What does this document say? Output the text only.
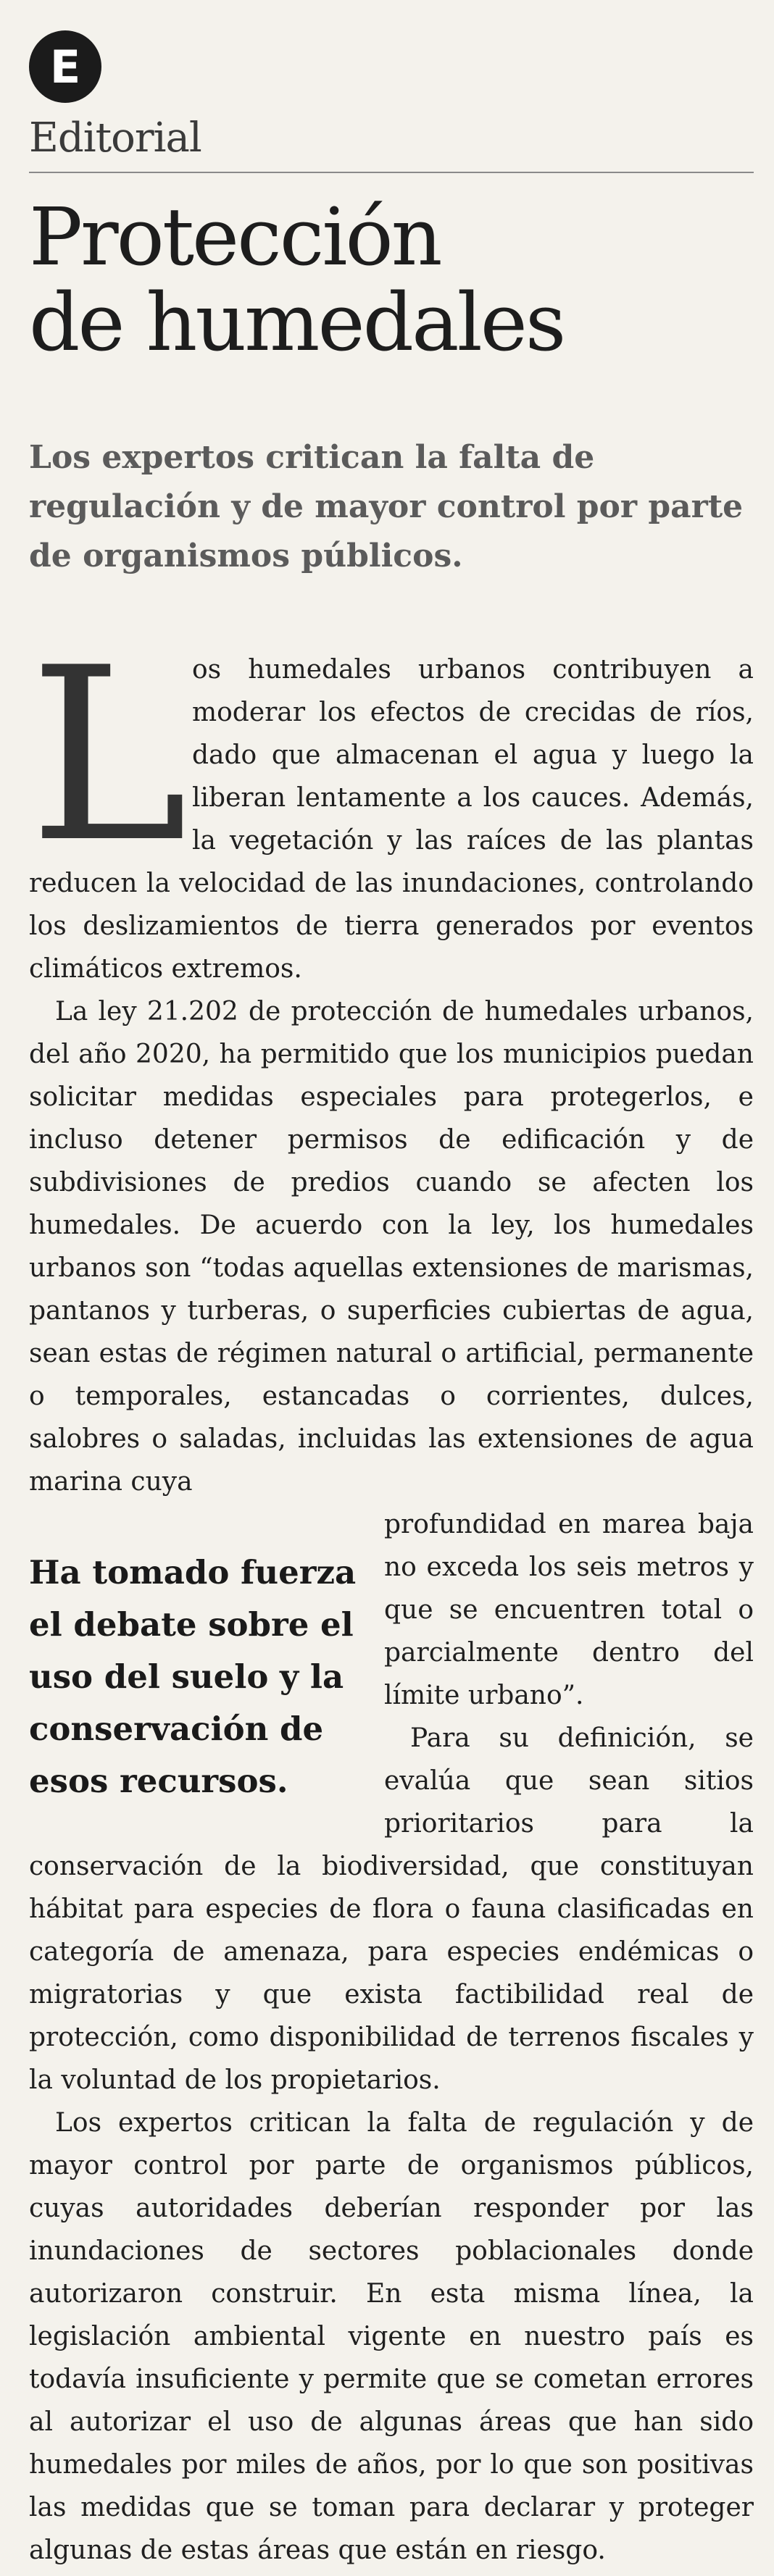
E
Editorial
Protección
de humedales
Los expertos critican la falta de regulación y de mayor control por parte de organismos públicos.
L os humedales urbanos contribuyen a moderar los efectos de crecidas de ríos, dado que almacenan el agua y luego la liberan lentamente a los cauces. Además, la vegetación y las raíces de las plantas reducen la velocidad de las inundaciones, controlando los deslizamientos de tierra generados por eventos climáticos extremos.

La ley 21.202 de protección de humedales urbanos, del año 2020, ha permitido que los municipios puedan solicitar medidas especiales para protegerlos, e incluso detener permisos de edificación y de subdivisiones de predios cuando se afecten los humedales. De acuerdo con la ley, los humedales urbanos son “todas aquellas extensiones de marismas, pantanos y turberas, o superficies cubiertas de agua, sean estas de régimen natural o artificial, permanente o temporales, estancadas o corrientes, dulces, salobres o saladas, incluidas las extensiones de agua marina cuya

Ha tomado fuerza el debate sobre el uso del suelo y la conservación de esos recursos.

profundidad en marea baja no exceda los seis metros y que se encuentren total o parcialmente dentro del límite urbano”.

Para su definición, se evalúa que sean sitios prioritarios para la conservación de la biodiversidad, que constituyan hábitat para especies de flora o fauna clasificadas en categoría de amenaza, para especies endémicas o migratorias y que exista factibilidad real de protección, como disponibilidad de terrenos fiscales y la voluntad de los propietarios.

Los expertos critican la falta de regulación y de mayor control por parte de organismos públicos, cuyas autoridades deberían responder por las inundaciones de sectores poblacionales donde autorizaron construir. En esta misma línea, la legislación ambiental vigente en nuestro país es todavía insuficiente y permite que se cometan errores al autorizar el uso de algunas áreas que han sido humedales por miles de años, por lo que son positivas las medidas que se toman para declarar y proteger algunas de estas áreas que están en riesgo.
